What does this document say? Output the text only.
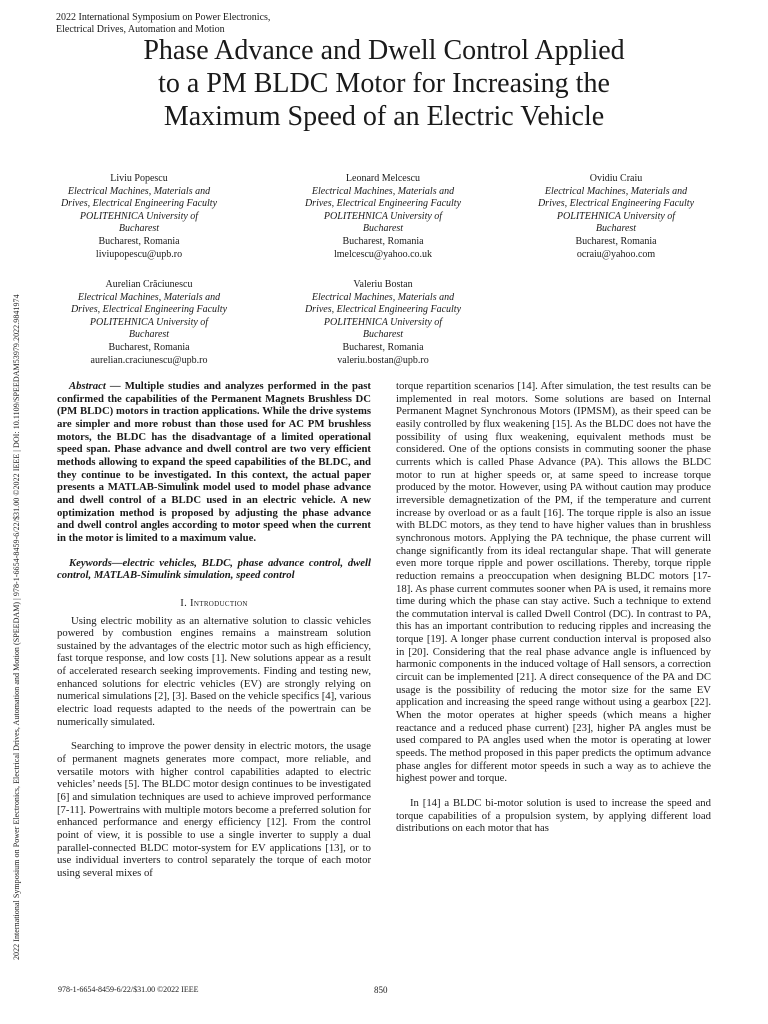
2022 International Symposium on Power Electronics,
Electrical Drives, Automation and Motion
2022 International Symposium on Power Electronics, Electrical Drives, Automation and Motion (SPEEDAM) | 978-1-6654-8459-6/22/$31.00 ©2022 IEEE | DOI: 10.1109/SPEEDAM53979.2022.9841974
Phase Advance and Dwell Control Applied
to a PM BLDC Motor for Increasing the
Maximum Speed of an Electric Vehicle
Liviu Popescu
Electrical Machines, Materials and
Drives, Electrical Engineering Faculty
POLITEHNICA University of
Bucharest
Bucharest, Romania
liviupopescu@upb.ro
Leonard Melcescu
Electrical Machines, Materials and
Drives, Electrical Engineering Faculty
POLITEHNICA University of
Bucharest
Bucharest, Romania
lmelcescu@yahoo.co.uk
Ovidiu Craiu
Electrical Machines, Materials and
Drives, Electrical Engineering Faculty
POLITEHNICA University of
Bucharest
Bucharest, Romania
ocraiu@yahoo.com
Aurelian Crăciunescu
Electrical Machines, Materials and
Drives, Electrical Engineering Faculty
POLITEHNICA University of
Bucharest
Bucharest, Romania
aurelian.craciunescu@upb.ro
Valeriu Bostan
Electrical Machines, Materials and
Drives, Electrical Engineering Faculty
POLITEHNICA University of
Bucharest
Bucharest, Romania
valeriu.bostan@upb.ro

Abstract — Multiple studies and analyzes performed in the past confirmed the capabilities of the Permanent Magnets Brushless DC (PM BLDC) motors in traction applications. While the drive systems are simpler and more robust than those used for AC PM brushless motors, the BLDC has the disadvantage of a limited operational speed span. Phase advance and dwell control are two very efficient methods allowing to expand the speed capabilities of the BLDC, and they continue to be investigated. In this context, the actual paper presents a MATLAB-Simulink model used to model phase advance and dwell control of a BLDC used in an electric vehicle. A new optimization method is proposed by adjusting the phase advance and dwell control angles according to motor speed when the current in the motor is limited to a maximum value.

Keywords—electric vehicles, BLDC, phase advance control, dwell control, MATLAB-Simulink simulation, speed control

I. Introduction

Using electric mobility as an alternative solution to classic vehicles powered by combustion engines remains a mainstream solution sustained by the advantages of the electric motor such as high efficiency, fast torque response, and low costs [1]. New solutions appear as a result of accelerated research seeking improvements. Finding and testing new, enhanced solutions for electric vehicles (EV) are strongly relying on numerical simulations [2], [3]. Based on the vehicle specifics [4], various electric load requests adapted to the needs of the powertrain can be numerically simulated.

Searching to improve the power density in electric motors, the usage of permanent magnets generates more compact, more reliable, and versatile motors with higher control capabilities adapted to electric vehicles’ needs [5]. The BLDC motor design continues to be investigated [6] and simulation techniques are used to achieve improved performance [7-11]. Powertrains with multiple motors become a preferred solution for enhanced performance and energy efficiency [12]. From the control point of view, it is possible to use a single inverter to supply a dual parallel-connected BLDC motor-system for EV applications [13], or to use individual inverters to control separately the torque of each motor using several mixes of

torque repartition scenarios [14]. After simulation, the test results can be implemented in real motors. Some solutions are based on Internal Permanent Magnet Synchronous Motors (IPMSM), as their speed can be easily controlled by flux weakening [15]. As the BLDC does not have the possibility of using flux weakening, equivalent methods must be considered. One of the options consists in commuting sooner the phase currents which is called Phase Advance (PA). This allows the BLDC motor to run at higher speeds or, at same speed to increase torque produced by the motor. However, using PA without caution may produce irreversible demagnetization of the PM, if the temperature and current increase by overload or as a fault [16]. The torque ripple is also an issue with BLDC motors, as they tend to have higher values than in brushless synchronous motors. Applying the PA technique, the phase current will change significantly from its ideal rectangular shape. That will generate even more torque ripple and power oscillations. Thereby, torque ripple reduction remains a preoccupation when designing BLDC motors [17-18]. As phase current commutes sooner when PA is used, it remains more time during which the phase can stay active. Such a technique to extend the commutation interval is called Dwell Control (DC). In contrast to PA, this has an important contribution to reducing ripples and increasing the torque [19]. A longer phase current conduction interval is proposed also in [20]. Considering that the real phase advance angle is influenced by harmonic components in the induced voltage of Hall sensors, a correction circuit can be implemented [21]. A direct consequence of the PA and DC usage is the possibility of reducing the motor size for the same EV application and increasing the speed range without using a gearbox [22]. When the motor operates at higher speeds (which means a higher reactance and a reduced phase current) [23], higher PA angles must be used compared to PA angles used when the motor is operating at lower speeds. The method proposed in this paper predicts the optimum advance phase angles for different motor speeds in such a way as to achieve the highest power and torque.

In [14] a BLDC bi-motor solution is used to increase the speed and torque capabilities of a propulsion system, by applying different load distributions on each motor that has

978-1-6654-8459-6/22/$31.00 ©2022 IEEE	850
